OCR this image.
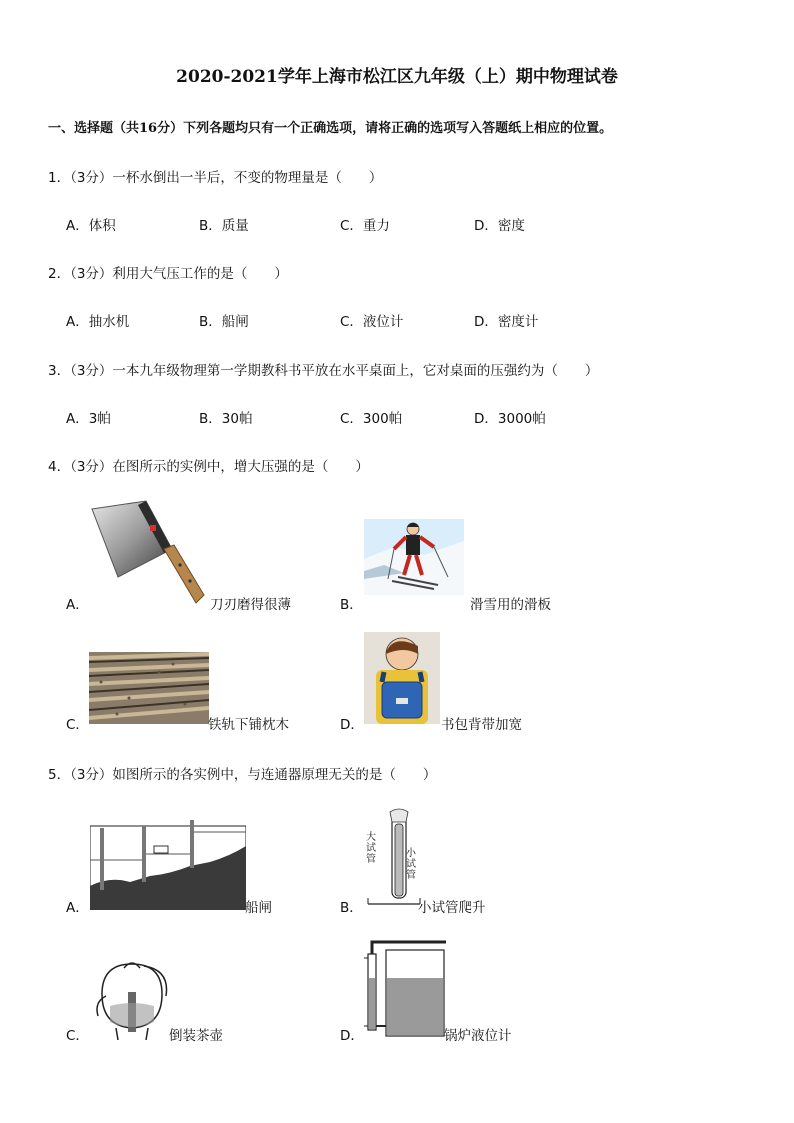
2020-2021学年上海市松江区九年级（上）期中物理试卷
一、选择题（共16分）下列各题均只有一个正确选项，请将正确的选项写入答题纸上相应的位置。
1．（3分）一杯水倒出一半后，不变的物理量是（　　）
A．体积	B．质量	C．重力	D．密度
2．（3分）利用大气压工作的是（　　）
A．抽水机	B．船闸	C．液位计	D．密度计
3．（3分）一本九年级物理第一学期教科书平放在水平桌面上，它对桌面的压强约为（　　）
A．3帕	B．30帕	C．300帕	D．3000帕
4．（3分）在图所示的实例中，增大压强的是（　　）
A．	刀刃磨得很薄	B．	滑雪用的滑板
C．	铁轨下铺枕木	D．	书包背带加宽
5．（3分）如图所示的各实例中，与连通器原理无关的是（　　）
A．	船闸
大试管
小试管
B．	小试管爬升
C．	倒装茶壶	D．	锅炉液位计
